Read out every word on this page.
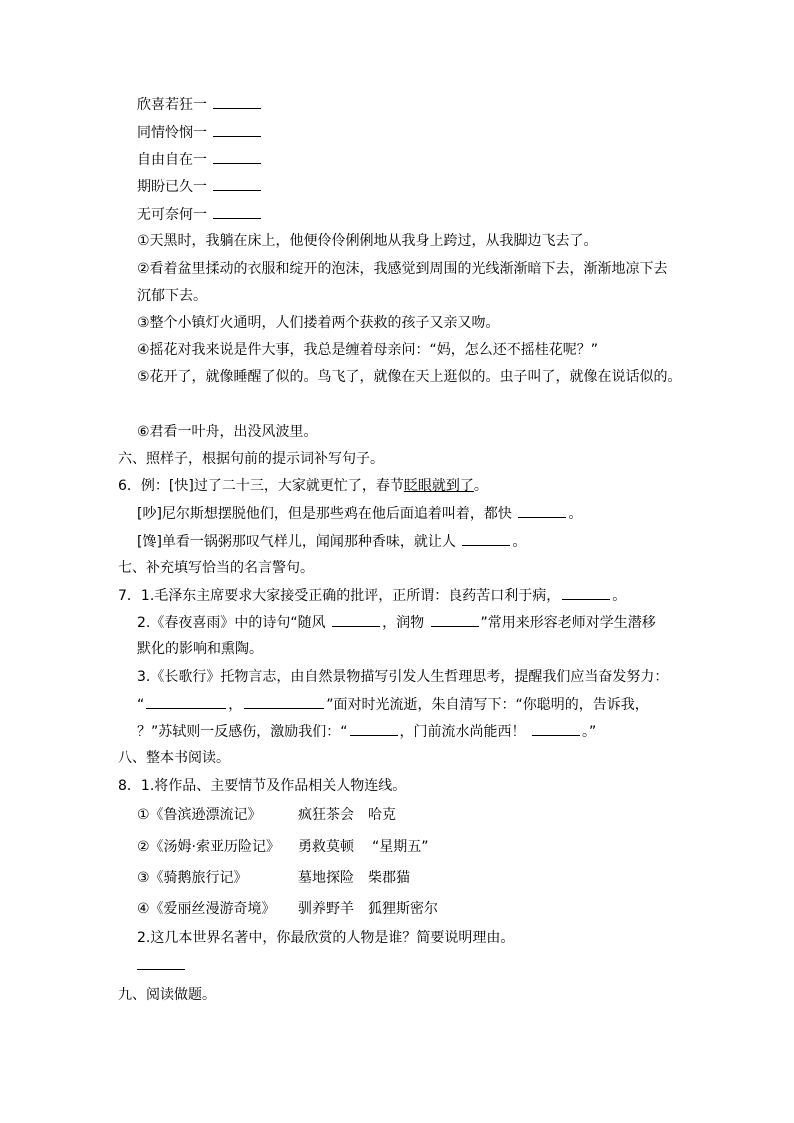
欣喜若狂一
同情怜悯一
自由自在一
期盼已久一
无可奈何一
①天黑时，我躺在床上，他便伶伶俐俐地从我身上跨过，从我脚边飞去了。
②看着盆里揉动的衣服和绽开的泡沫，我感觉到周围的光线渐渐暗下去，渐渐地凉下去
沉郁下去。
③整个小镇灯火通明，人们搂着两个获救的孩子又亲又吻。
④摇花对我来说是件大事，我总是缠着母亲问：“妈，怎么还不摇桂花呢？”
⑤花开了，就像睡醒了似的。鸟飞了，就像在天上逛似的。虫子叫了，就像在说话似的。
⑥君看一叶舟，出没风波里。
六、照样子，根据句前的提示词补写句子。
6．例：[快]过了二十三，大家就更忙了，春节眨眼就到了。
[吵]尼尔斯想摆脱他们，但是那些鸡在他后面追着叫着，都快	。
[馋]单看一锅粥那叹气样儿，闻闻那种香味，就让人	。
七、补充填写恰当的名言警句。
7．1.毛泽东主席要求大家接受正确的批评，正所谓：良药苦口利于病，	。
2.《春夜喜雨》中的诗句“随风	，润物	”常用来形容老师对学生潜移
默化的影响和熏陶。
3.《长歌行》托物言志，由自然景物描写引发人生哲理思考，提醒我们应当奋发努力：
“	，	”面对时光流逝，朱自清写下：“你聪明的，告诉我，
？”苏轼则一反感伤，激励我们：“	，门前流水尚能西！	。”
八、整本书阅读。
8．1.将作品、主要情节及作品相关人物连线。
①《鲁滨逊漂流记》	疯狂茶会 哈克
②《汤姆·索亚历险记》 勇救莫顿 “星期五”
③《骑鹅旅行记》	墓地探险 柴郡猫
④《爱丽丝漫游奇境》 驯养野羊 狐狸斯密尔
2.这几本世界名著中，你最欣赏的人物是谁？简要说明理由。
九、阅读做题。
